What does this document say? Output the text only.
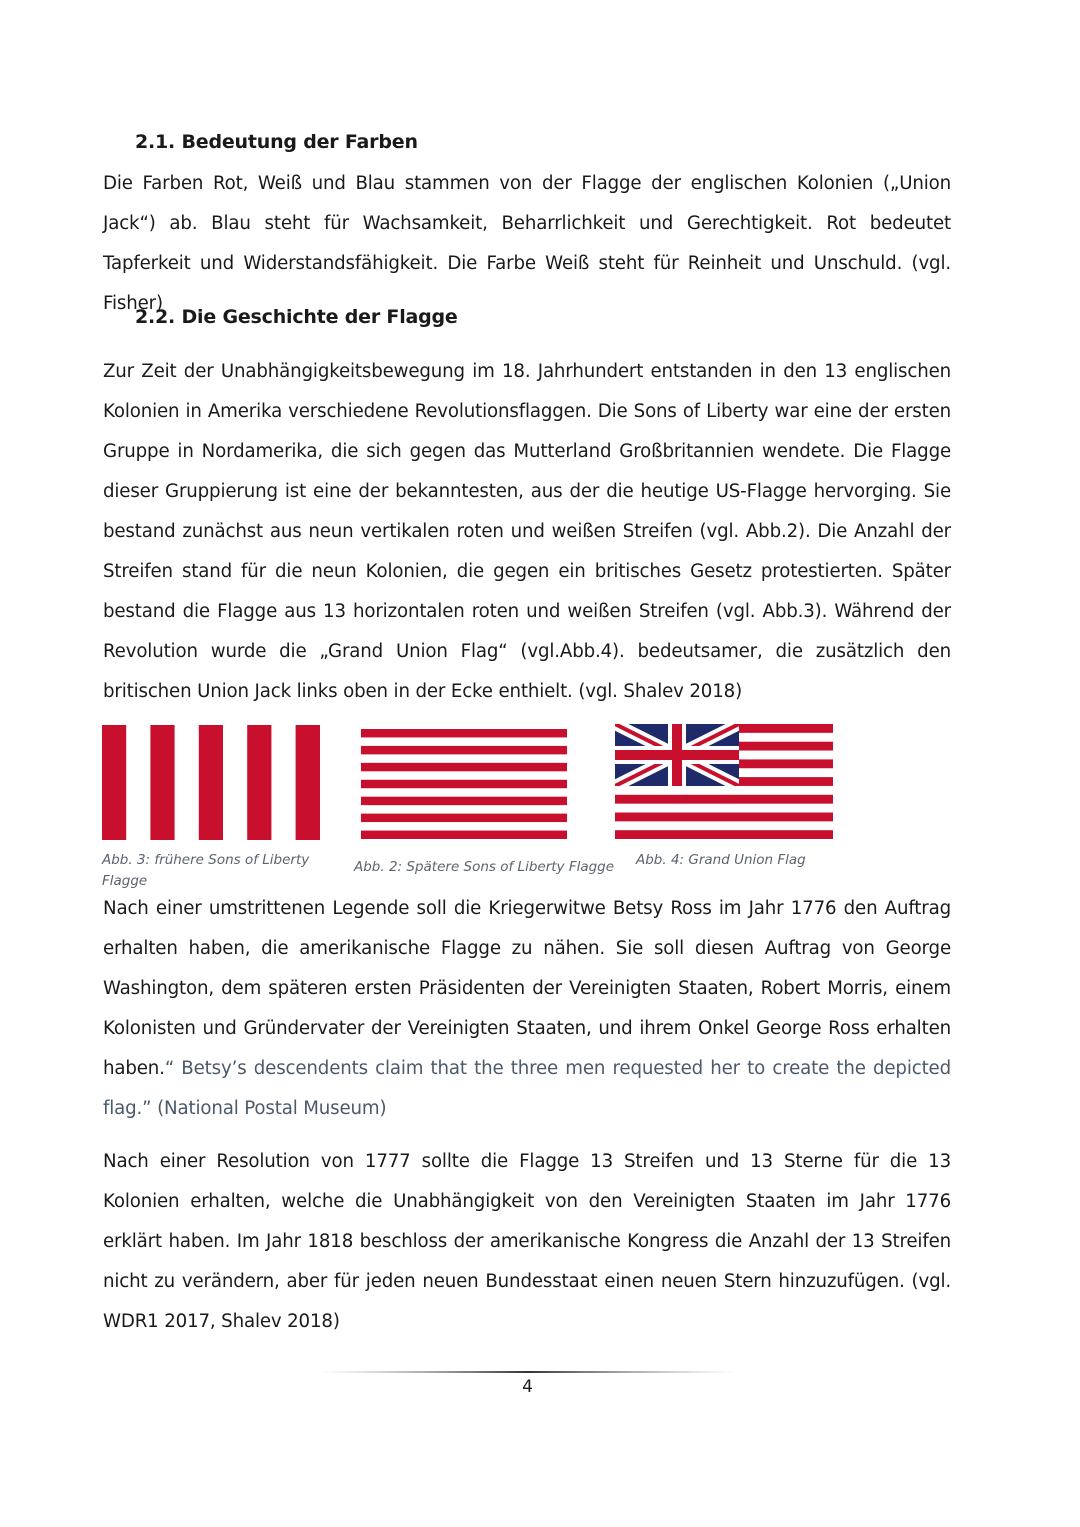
2.1. Bedeutung der Farben

Die Farben Rot, Weiß und Blau stammen von der Flagge der englischen Kolonien („Union Jack“) ab. Blau steht für Wachsamkeit, Beharrlichkeit und Gerechtigkeit. Rot bedeutet Tapferkeit und Widerstandsfähigkeit. Die Farbe Weiß steht für Reinheit und Unschuld. (vgl. Fisher)

2.2. Die Geschichte der Flagge

Zur Zeit der Unabhängigkeitsbewegung im 18. Jahrhundert entstanden in den 13 englischen Kolonien in Amerika verschiedene Revolutionsflaggen. Die Sons of Liberty war eine der ersten Gruppe in Nordamerika, die sich gegen das Mutterland Großbritannien wendete. Die Flagge dieser Gruppierung ist eine der bekanntesten, aus der die heutige US-Flagge hervorging. Sie bestand zunächst aus neun vertikalen roten und weißen Streifen (vgl. Abb.2). Die Anzahl der Streifen stand für die neun Kolonien, die gegen ein britisches Gesetz protestierten. Später bestand die Flagge aus 13 horizontalen roten und weißen Streifen (vgl. Abb.3). Während der Revolution wurde die „Grand Union Flag“ (vgl.Abb.4). bedeutsamer, die zusätzlich den britischen Union Jack links oben in der Ecke enthielt. (vgl. Shalev 2018)

Abb. 3: frühere Sons of Liberty Flagge

Abb. 2: Spätere Sons of Liberty Flagge	Abb. 4: Grand Union Flag

Nach einer umstrittenen Legende soll die Kriegerwitwe Betsy Ross im Jahr 1776 den Auftrag erhalten haben, die amerikanische Flagge zu nähen. Sie soll diesen Auftrag von George Washington, dem späteren ersten Präsidenten der Vereinigten Staaten, Robert Morris, einem Kolonisten und Gründervater der Vereinigten Staaten, und ihrem Onkel George Ross erhalten haben.“ Betsy’s descendents claim that the three men requested her to create the depicted flag.” (National Postal Museum)

Nach einer Resolution von 1777 sollte die Flagge 13 Streifen und 13 Sterne für die 13 Kolonien erhalten, welche die Unabhängigkeit von den Vereinigten Staaten im Jahr 1776 erklärt haben. Im Jahr 1818 beschloss der amerikanische Kongress die Anzahl der 13 Streifen nicht zu verändern, aber für jeden neuen Bundesstaat einen neuen Stern hinzuzufügen. (vgl. WDR1 2017, Shalev 2018)

4
